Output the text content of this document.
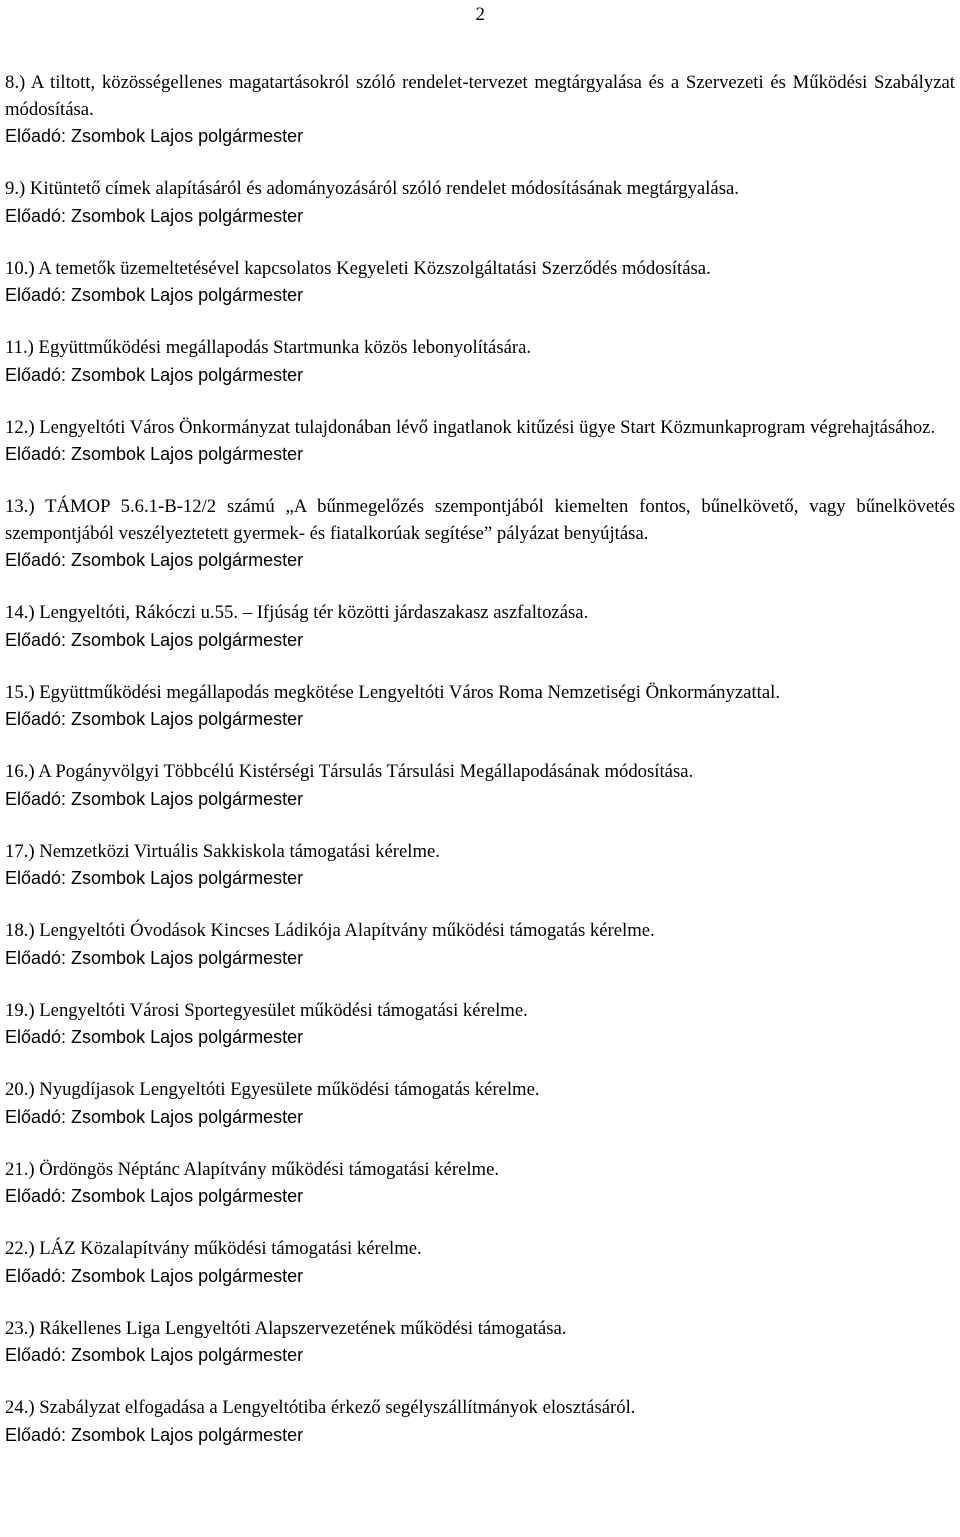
2
8.) A tiltott, közösségellenes magatartásokról szóló rendelet-tervezet megtárgyalása és a Szervezeti és Működési Szabályzat módosítása.
Előadó: Zsombok Lajos polgármester
9.) Kitüntető címek alapításáról és adományozásáról szóló rendelet módosításának megtárgyalása.
Előadó: Zsombok Lajos polgármester
10.) A temetők üzemeltetésével kapcsolatos Kegyeleti Közszolgáltatási Szerződés módosítása.
Előadó: Zsombok Lajos polgármester
11.) Együttműködési megállapodás Startmunka közös lebonyolítására.
Előadó: Zsombok Lajos polgármester
12.) Lengyeltóti Város Önkormányzat tulajdonában lévő ingatlanok kitűzési ügye Start Közmunkaprogram végrehajtásához.
Előadó: Zsombok Lajos polgármester
13.) TÁMOP 5.6.1-B-12/2 számú „A bűnmegelőzés szempontjából kiemelten fontos, bűnelkövető, vagy bűnelkövetés szempontjából veszélyeztetett gyermek- és fiatalkorúak segítése” pályázat benyújtása.
Előadó: Zsombok Lajos polgármester
14.) Lengyeltóti, Rákóczi u.55. – Ifjúság tér közötti járdaszakasz aszfaltozása.
Előadó: Zsombok Lajos polgármester
15.) Együttműködési megállapodás megkötése Lengyeltóti Város Roma Nemzetiségi Önkormányzattal.
Előadó: Zsombok Lajos polgármester
16.) A Pogányvölgyi Többcélú Kistérségi Társulás Társulási Megállapodásának módosítása.
Előadó: Zsombok Lajos polgármester
17.) Nemzetközi Virtuális Sakkiskola támogatási kérelme.
Előadó: Zsombok Lajos polgármester
18.) Lengyeltóti Óvodások Kincses Ládikója Alapítvány működési támogatás kérelme.
Előadó: Zsombok Lajos polgármester
19.) Lengyeltóti Városi Sportegyesület működési támogatási kérelme.
Előadó: Zsombok Lajos polgármester
20.) Nyugdíjasok Lengyeltóti Egyesülete működési támogatás kérelme.
Előadó: Zsombok Lajos polgármester
21.) Ördöngös Néptánc Alapítvány működési támogatási kérelme.
Előadó: Zsombok Lajos polgármester
22.) LÁZ Közalapítvány működési támogatási kérelme.
Előadó: Zsombok Lajos polgármester
23.) Rákellenes Liga Lengyeltóti Alapszervezetének működési támogatása.
Előadó: Zsombok Lajos polgármester
24.) Szabályzat elfogadása a Lengyeltótiba érkező segélyszállítmányok elosztásáról.
Előadó: Zsombok Lajos polgármester
